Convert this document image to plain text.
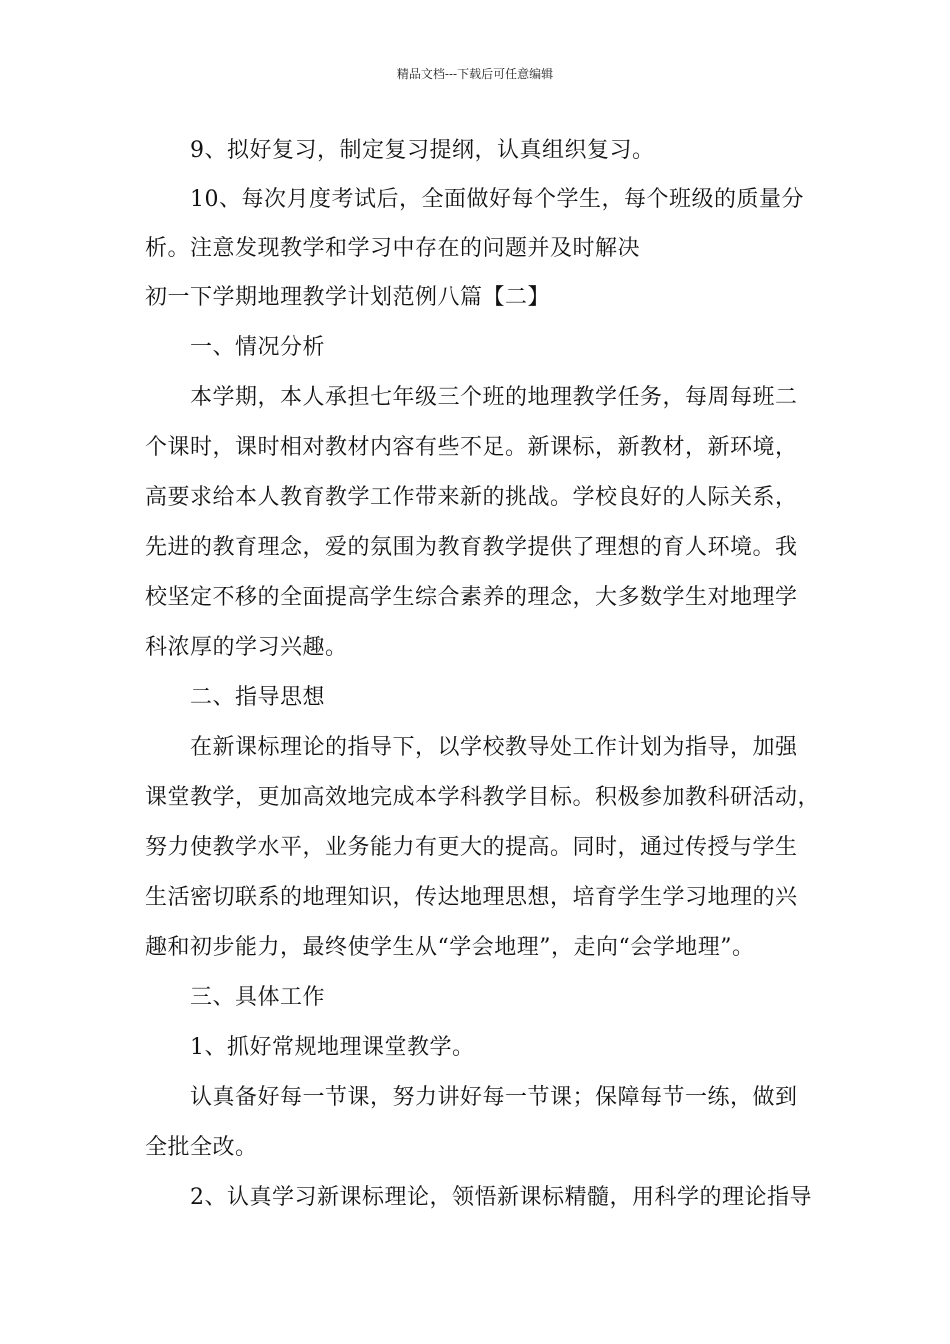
精品文档---下载后可任意编辑
9、拟好复习，制定复习提纲，认真组织复习。
10、每次月度考试后，全面做好每个学生，每个班级的质量分
析。注意发现教学和学习中存在的问题并及时解决
初一下学期地理教学计划范例八篇【二】
一、情况分析
本学期，本人承担七年级三个班的地理教学任务，每周每班二
个课时，课时相对教材内容有些不足。新课标，新教材，新环境，
高要求给本人教育教学工作带来新的挑战。学校良好的人际关系，
先进的教育理念，爱的氛围为教育教学提供了理想的育人环境。我
校坚定不移的全面提高学生综合素养的理念，大多数学生对地理学
科浓厚的学习兴趣。
二、指导思想
在新课标理论的指导下，以学校教导处工作计划为指导，加强
课堂教学，更加高效地完成本学科教学目标。积极参加教科研活动，
努力使教学水平，业务能力有更大的提高。同时，通过传授与学生
生活密切联系的地理知识，传达地理思想，培育学生学习地理的兴
趣和初步能力，最终使学生从“学会地理”，走向“会学地理”。
三、具体工作
1、抓好常规地理课堂教学。
认真备好每一节课，努力讲好每一节课；保障每节一练，做到
全批全改。
2、认真学习新课标理论，领悟新课标精髓，用科学的理论指导
